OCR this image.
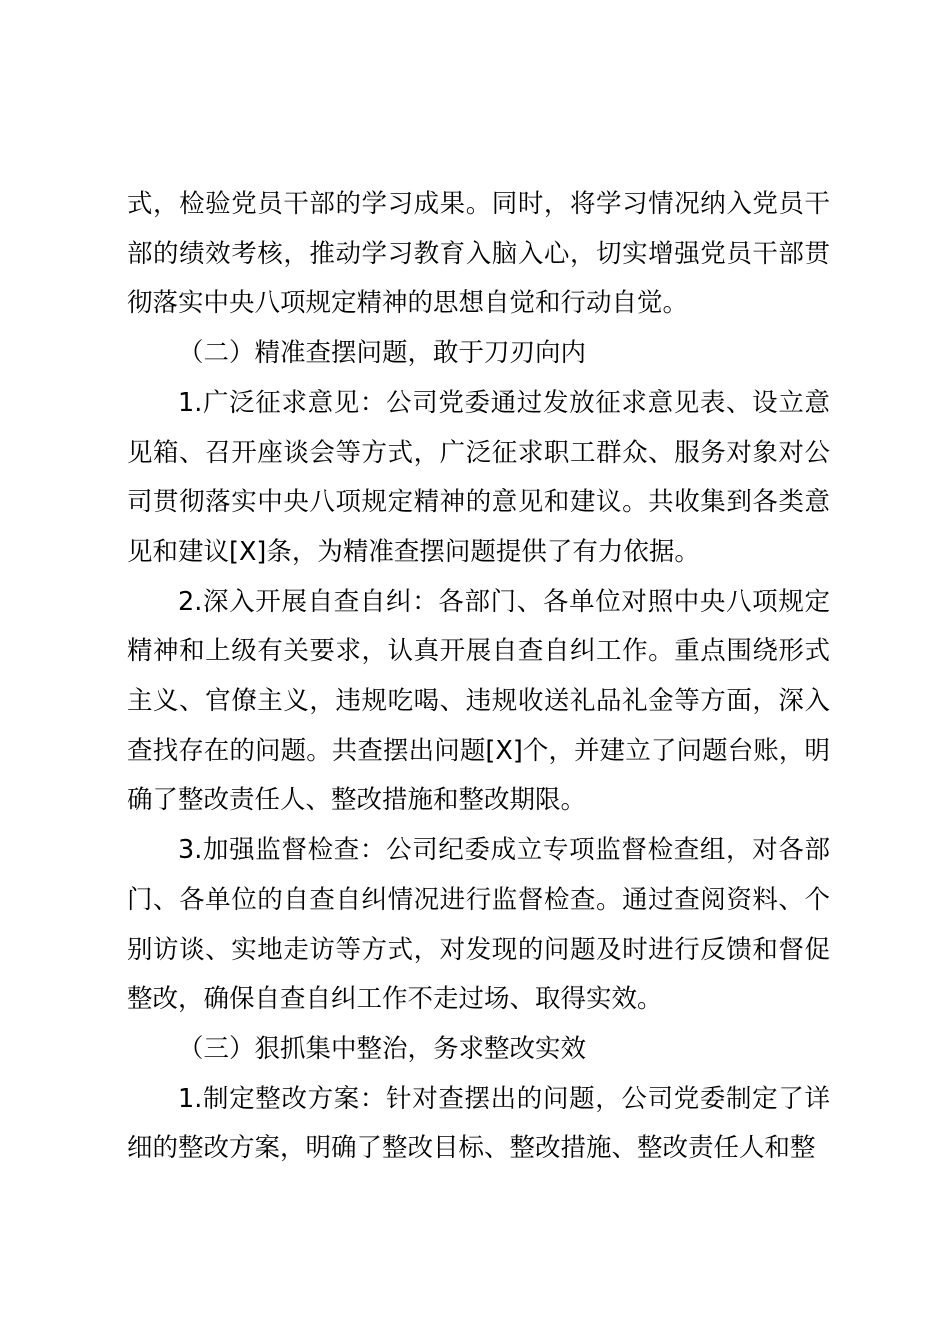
式，检验党员干部的学习成果。同时，将学习情况纳入党员干部的绩效考核，推动学习教育入脑入心，切实增强党员干部贯彻落实中央八项规定精神的思想自觉和行动自觉。

（二）精准查摆问题，敢于刀刃向内

1.广泛征求意见：公司党委通过发放征求意见表、设立意见箱、召开座谈会等方式，广泛征求职工群众、服务对象对公司贯彻落实中央八项规定精神的意见和建议。共收集到各类意见和建议[X]条，为精准查摆问题提供了有力依据。

2.深入开展自查自纠：各部门、各单位对照中央八项规定精神和上级有关要求，认真开展自查自纠工作。重点围绕形式主义、官僚主义，违规吃喝、违规收送礼品礼金等方面，深入查找存在的问题。共查摆出问题[X]个，并建立了问题台账，明确了整改责任人、整改措施和整改期限。

3.加强监督检查：公司纪委成立专项监督检查组，对各部门、各单位的自查自纠情况进行监督检查。通过查阅资料、个别访谈、实地走访等方式，对发现的问题及时进行反馈和督促整改，确保自查自纠工作不走过场、取得实效。

（三）狠抓集中整治，务求整改实效

1.制定整改方案：针对查摆出的问题，公司党委制定了详细的整改方案，明确了整改目标、整改措施、整改责任人和整
